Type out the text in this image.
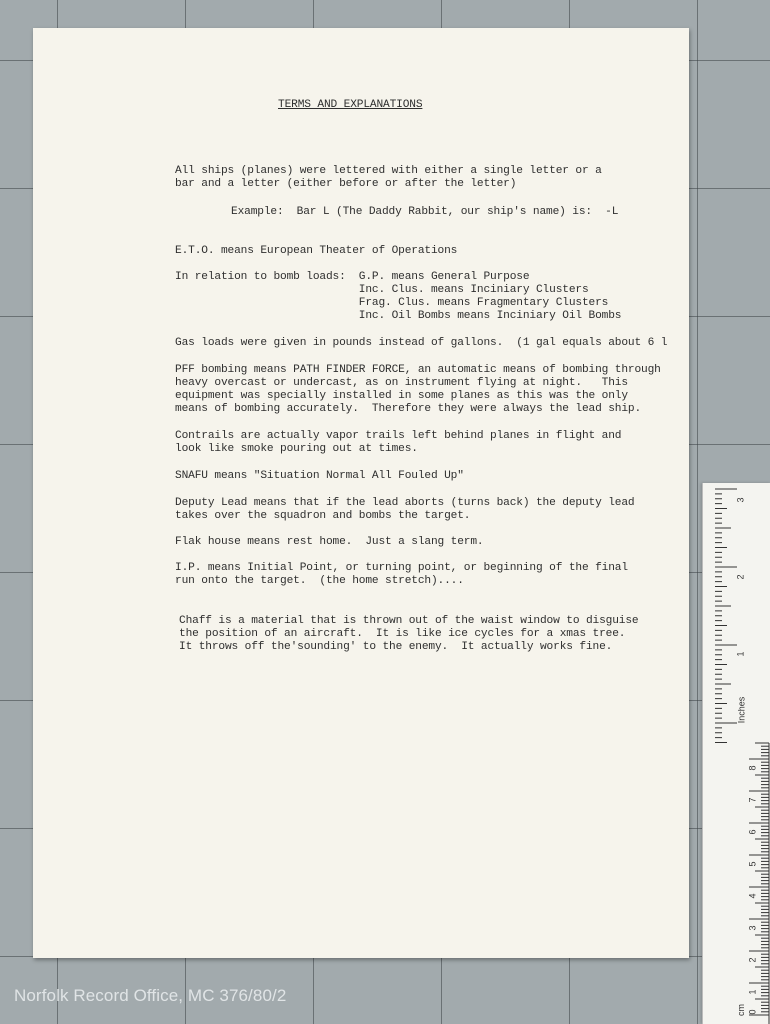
TERMS AND EXPLANATIONS

All ships (planes) were lettered with either a single letter or a
bar and a letter (either before or after the letter)

Example:  Bar L (The Daddy Rabbit, our ship's name) is:  -L

E.T.O. means European Theater of Operations

In relation to bomb loads:  G.P. means General Purpose
Inc. Clus. means Inciniary Clusters
Frag. Clus. means Fragmentary Clusters
Inc. Oil Bombs means Inciniary Oil Bombs

Gas loads were given in pounds instead of gallons.  (1 gal equals about 6 l

PFF bombing means PATH FINDER FORCE, an automatic means of bombing through
heavy overcast or undercast, as on instrument flying at night.   This
equipment was specially installed in some planes as this was the only
means of bombing accurately.  Therefore they were always the lead ship.

Contrails are actually vapor trails left behind planes in flight and
look like smoke pouring out at times.

SNAFU means "Situation Normal All Fouled Up"

Deputy Lead means that if the lead aborts (turns back) the deputy lead
takes over the squadron and bombs the target.

Flak house means rest home.  Just a slang term.

I.P. means Initial Point, or turning point, or beginning of the final
run onto the target.  (the home stretch)....

Chaff is a material that is thrown out of the waist window to disguise
the position of an aircraft.  It is like ice cycles for a xmas tree.
It throws off the'sounding' to the enemy.  It actually works fine.

3
2
1
Inches
8
7
6
5
4
3
2
1
0
cm
Norfolk Record Office, MC 376/80/2
